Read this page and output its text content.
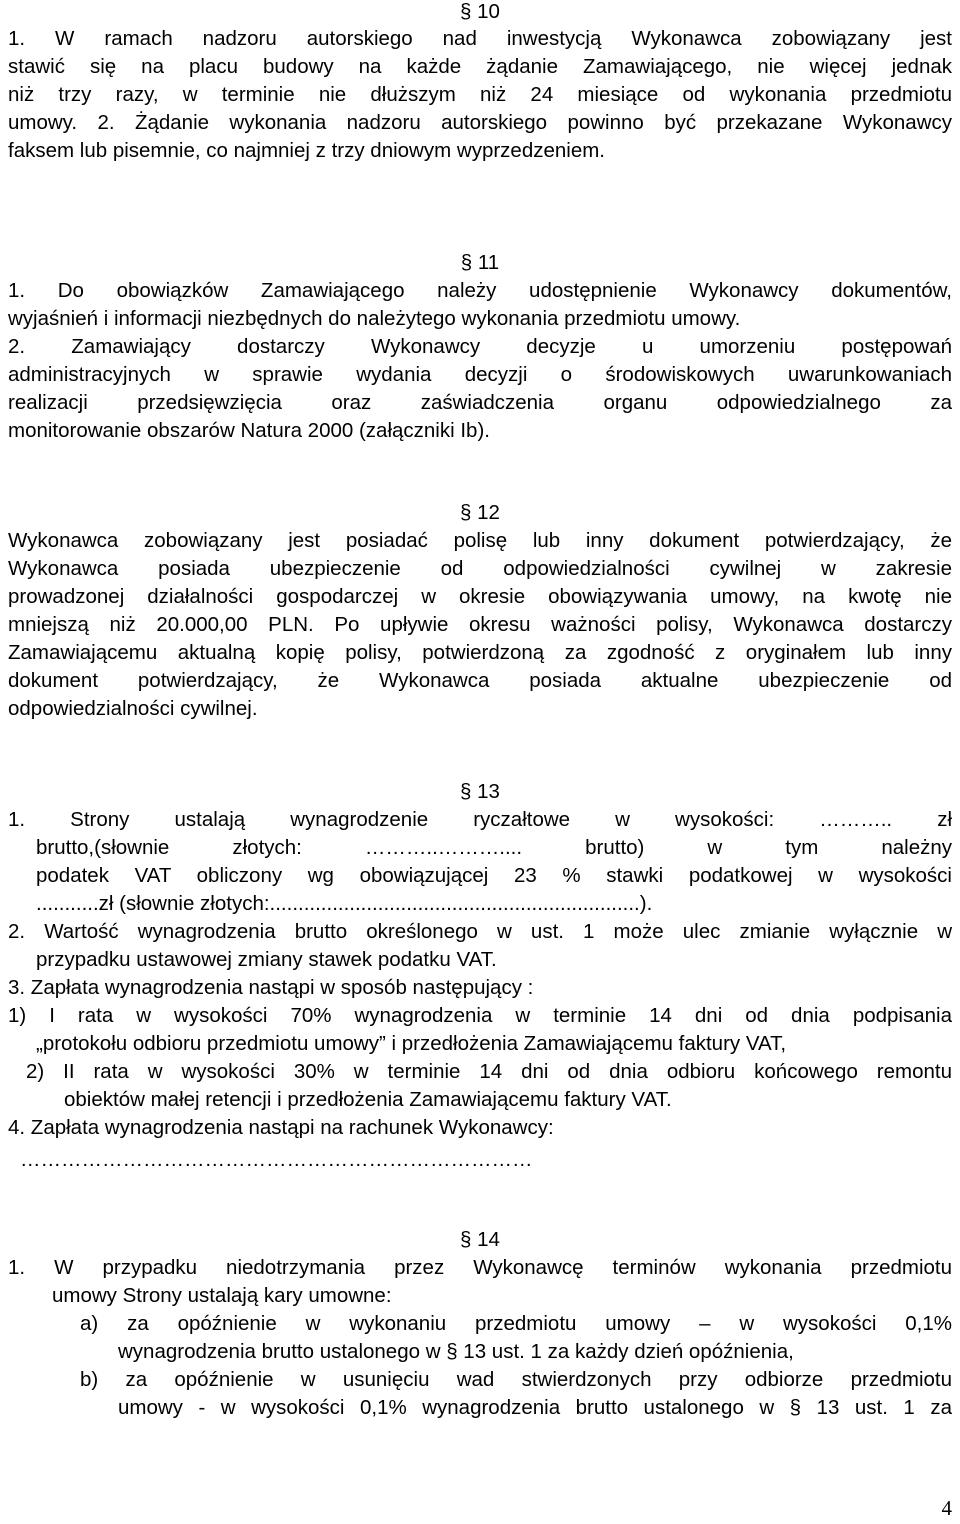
§ 10
1. W ramach nadzoru autorskiego nad inwestycją Wykonawca zobowiązany jest
stawić się na placu budowy na każde żądanie Zamawiającego, nie więcej jednak
niż trzy razy, w terminie nie dłuższym niż 24 miesiące od wykonania przedmiotu
umowy. 2. Żądanie wykonania nadzoru autorskiego powinno być przekazane Wykonawcy
faksem lub pisemnie, co najmniej z trzy dniowym wyprzedzeniem.
§ 11
1. Do obowiązków Zamawiającego należy udostępnienie Wykonawcy dokumentów,
wyjaśnień i informacji niezbędnych do należytego wykonania przedmiotu umowy.
2. Zamawiający dostarczy Wykonawcy decyzje u umorzeniu postępowań
administracyjnych w sprawie wydania decyzji o środowiskowych uwarunkowaniach
realizacji przedsięwzięcia oraz zaświadczenia organu odpowiedzialnego za
monitorowanie obszarów Natura 2000 (załączniki Ib).
§ 12
Wykonawca zobowiązany jest posiadać polisę lub inny dokument potwierdzający, że
Wykonawca posiada ubezpieczenie od odpowiedzialności cywilnej w zakresie
prowadzonej działalności gospodarczej w okresie obowiązywania umowy, na kwotę nie
mniejszą niż 20.000,00 PLN. Po upływie okresu ważności polisy, Wykonawca dostarczy
Zamawiającemu aktualną kopię polisy, potwierdzoną za zgodność z oryginałem lub inny
dokument potwierdzający, że Wykonawca posiada aktualne ubezpieczenie od
odpowiedzialności cywilnej.
§ 13
1. Strony ustalają wynagrodzenie ryczałtowe w wysokości: ……….. zł
brutto,(słownie złotych: ………..……….... brutto) w tym należny
podatek VAT obliczony wg obowiązującej 23 % stawki podatkowej w wysokości
...........zł (słownie złotych:.................................................................).
2. Wartość wynagrodzenia brutto określonego w ust. 1 może ulec zmianie wyłącznie w
przypadku ustawowej zmiany stawek podatku VAT.
3. Zapłata wynagrodzenia nastąpi w sposób następujący :
1) I rata w wysokości 70% wynagrodzenia w terminie 14 dni od dnia podpisania
„protokołu odbioru przedmiotu umowy” i przedłożenia Zamawiającemu faktury VAT,
2) II rata w wysokości 30% w terminie 14 dni od dnia odbioru końcowego remontu
obiektów małej retencji i przedłożenia Zamawiającemu faktury VAT.
4. Zapłata wynagrodzenia nastąpi na rachunek Wykonawcy:
…………………………………………………………………
§ 14
1. W przypadku niedotrzymania przez Wykonawcę terminów wykonania przedmiotu
umowy Strony ustalają kary umowne:
a) za opóźnienie w wykonaniu przedmiotu umowy – w wysokości 0,1%
wynagrodzenia brutto ustalonego w § 13 ust. 1 za każdy dzień opóźnienia,
b) za opóźnienie w usunięciu wad stwierdzonych przy odbiorze przedmiotu
umowy - w wysokości 0,1% wynagrodzenia brutto ustalonego w § 13 ust. 1 za
4
